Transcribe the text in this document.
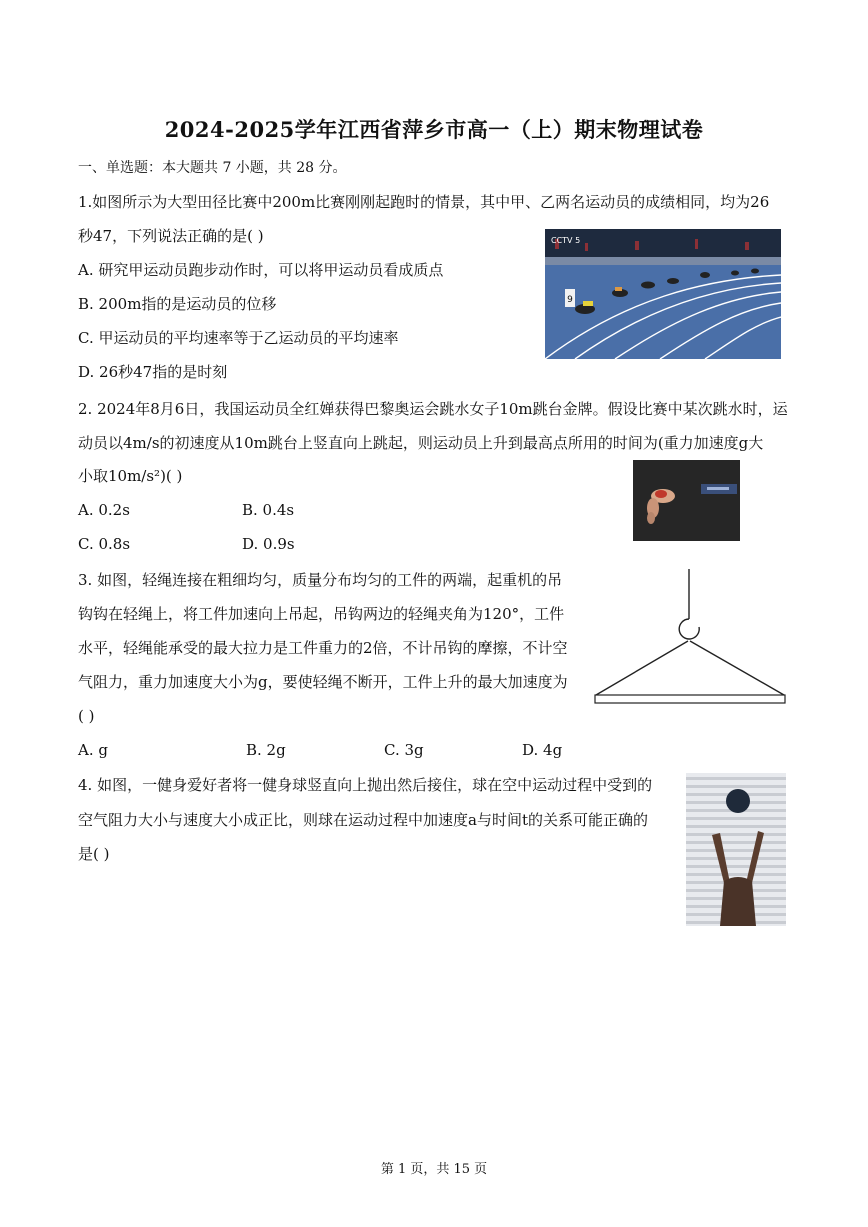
2024-2025学年江西省萍乡市高一（上）期末物理试卷
一、单选题：本大题共 7 小题，共 28 分。
1.如图所示为大型田径比赛中200m比赛刚刚起跑时的情景，其中甲、乙两名运动员的成绩相同，均为26
秒47，下列说法正确的是( )
A. 研究甲运动员跑步动作时，可以将甲运动员看成质点
B. 200m指的是运动员的位移
C. 甲运动员的平均速率等于乙运动员的平均速率
D. 26秒47指的是时刻
9
CCTV 5
2. 2024年8月6日，我国运动员全红婵获得巴黎奥运会跳水女子10m跳台金牌。假设比赛中某次跳水时，运
动员以4m/s的初速度从10m跳台上竖直向上跳起，则运动员上升到最高点所用的时间为(重力加速度g大
小取10m/s²)( )
A. 0.2s	B. 0.4s
C. 0.8s	D. 0.9s
3. 如图，轻绳连接在粗细均匀，质量分布均匀的工件的两端，起重机的吊
钩钩在轻绳上，将工件加速向上吊起，吊钩两边的轻绳夹角为120°，工件
水平，轻绳能承受的最大拉力是工件重力的2倍，不计吊钩的摩擦，不计空
气阻力，重力加速度大小为g，要使轻绳不断开，工件上升的最大加速度为
( )
A. g	B. 2g	C. 3g	D. 4g
4. 如图，一健身爱好者将一健身球竖直向上抛出然后接住，球在空中运动过程中受到的
空气阻力大小与速度大小成正比，则球在运动过程中加速度a与时间t的关系可能正确的
是( )
第 1 页，共 15 页
